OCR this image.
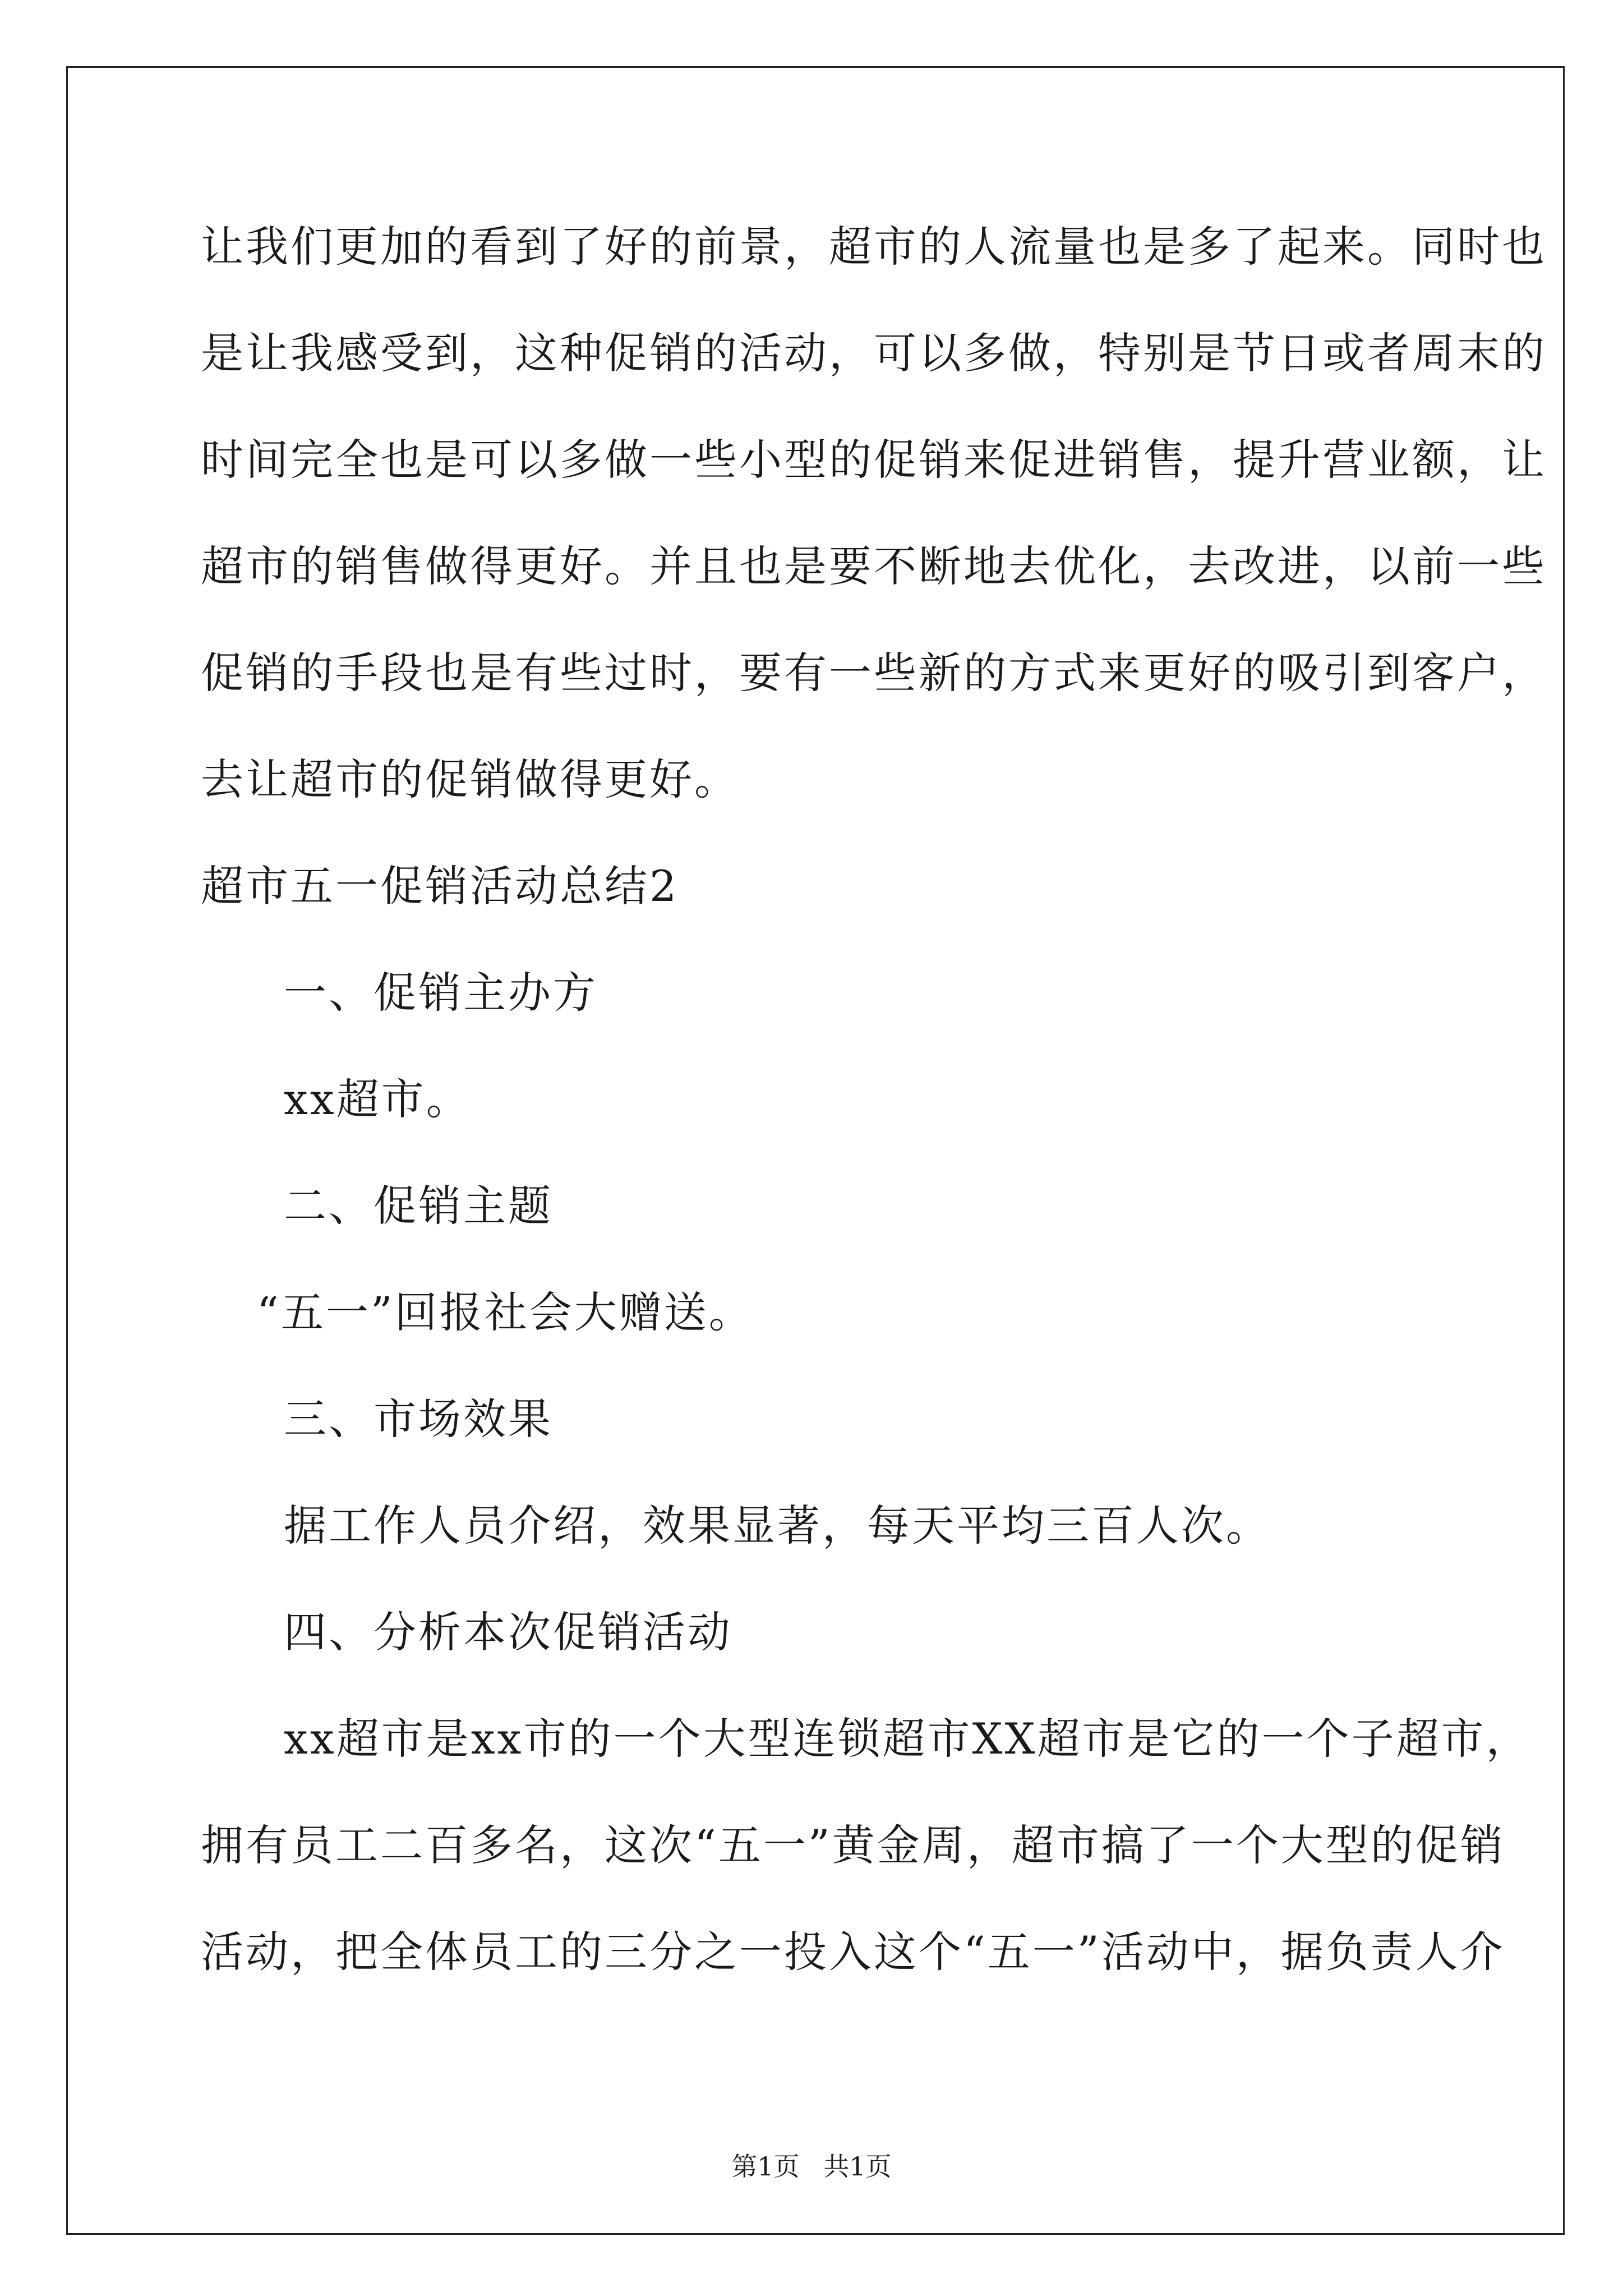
让我们更加的看到了好的前景，超市的人流量也是多了起来。同时也
是让我感受到，这种促销的活动，可以多做，特别是节日或者周末的
时间完全也是可以多做一些小型的促销来促进销售，提升营业额，让
超市的销售做得更好。并且也是要不断地去优化，去改进，以前一些
促销的手段也是有些过时，要有一些新的方式来更好的吸引到客户，
去让超市的促销做得更好。
超市五一促销活动总结2
一、促销主办方
xx超市。
二、促销主题
“五一”回报社会大赠送。
三、市场效果
据工作人员介绍，效果显著，每天平均三百人次。
四、分析本次促销活动
xx超市是xx市的一个大型连锁超市XX超市是它的一个子超市，
拥有员工二百多名，这次“五一”黄金周，超市搞了一个大型的促销
活动，把全体员工的三分之一投入这个“五一”活动中，据负责人介
第1页 共1页
